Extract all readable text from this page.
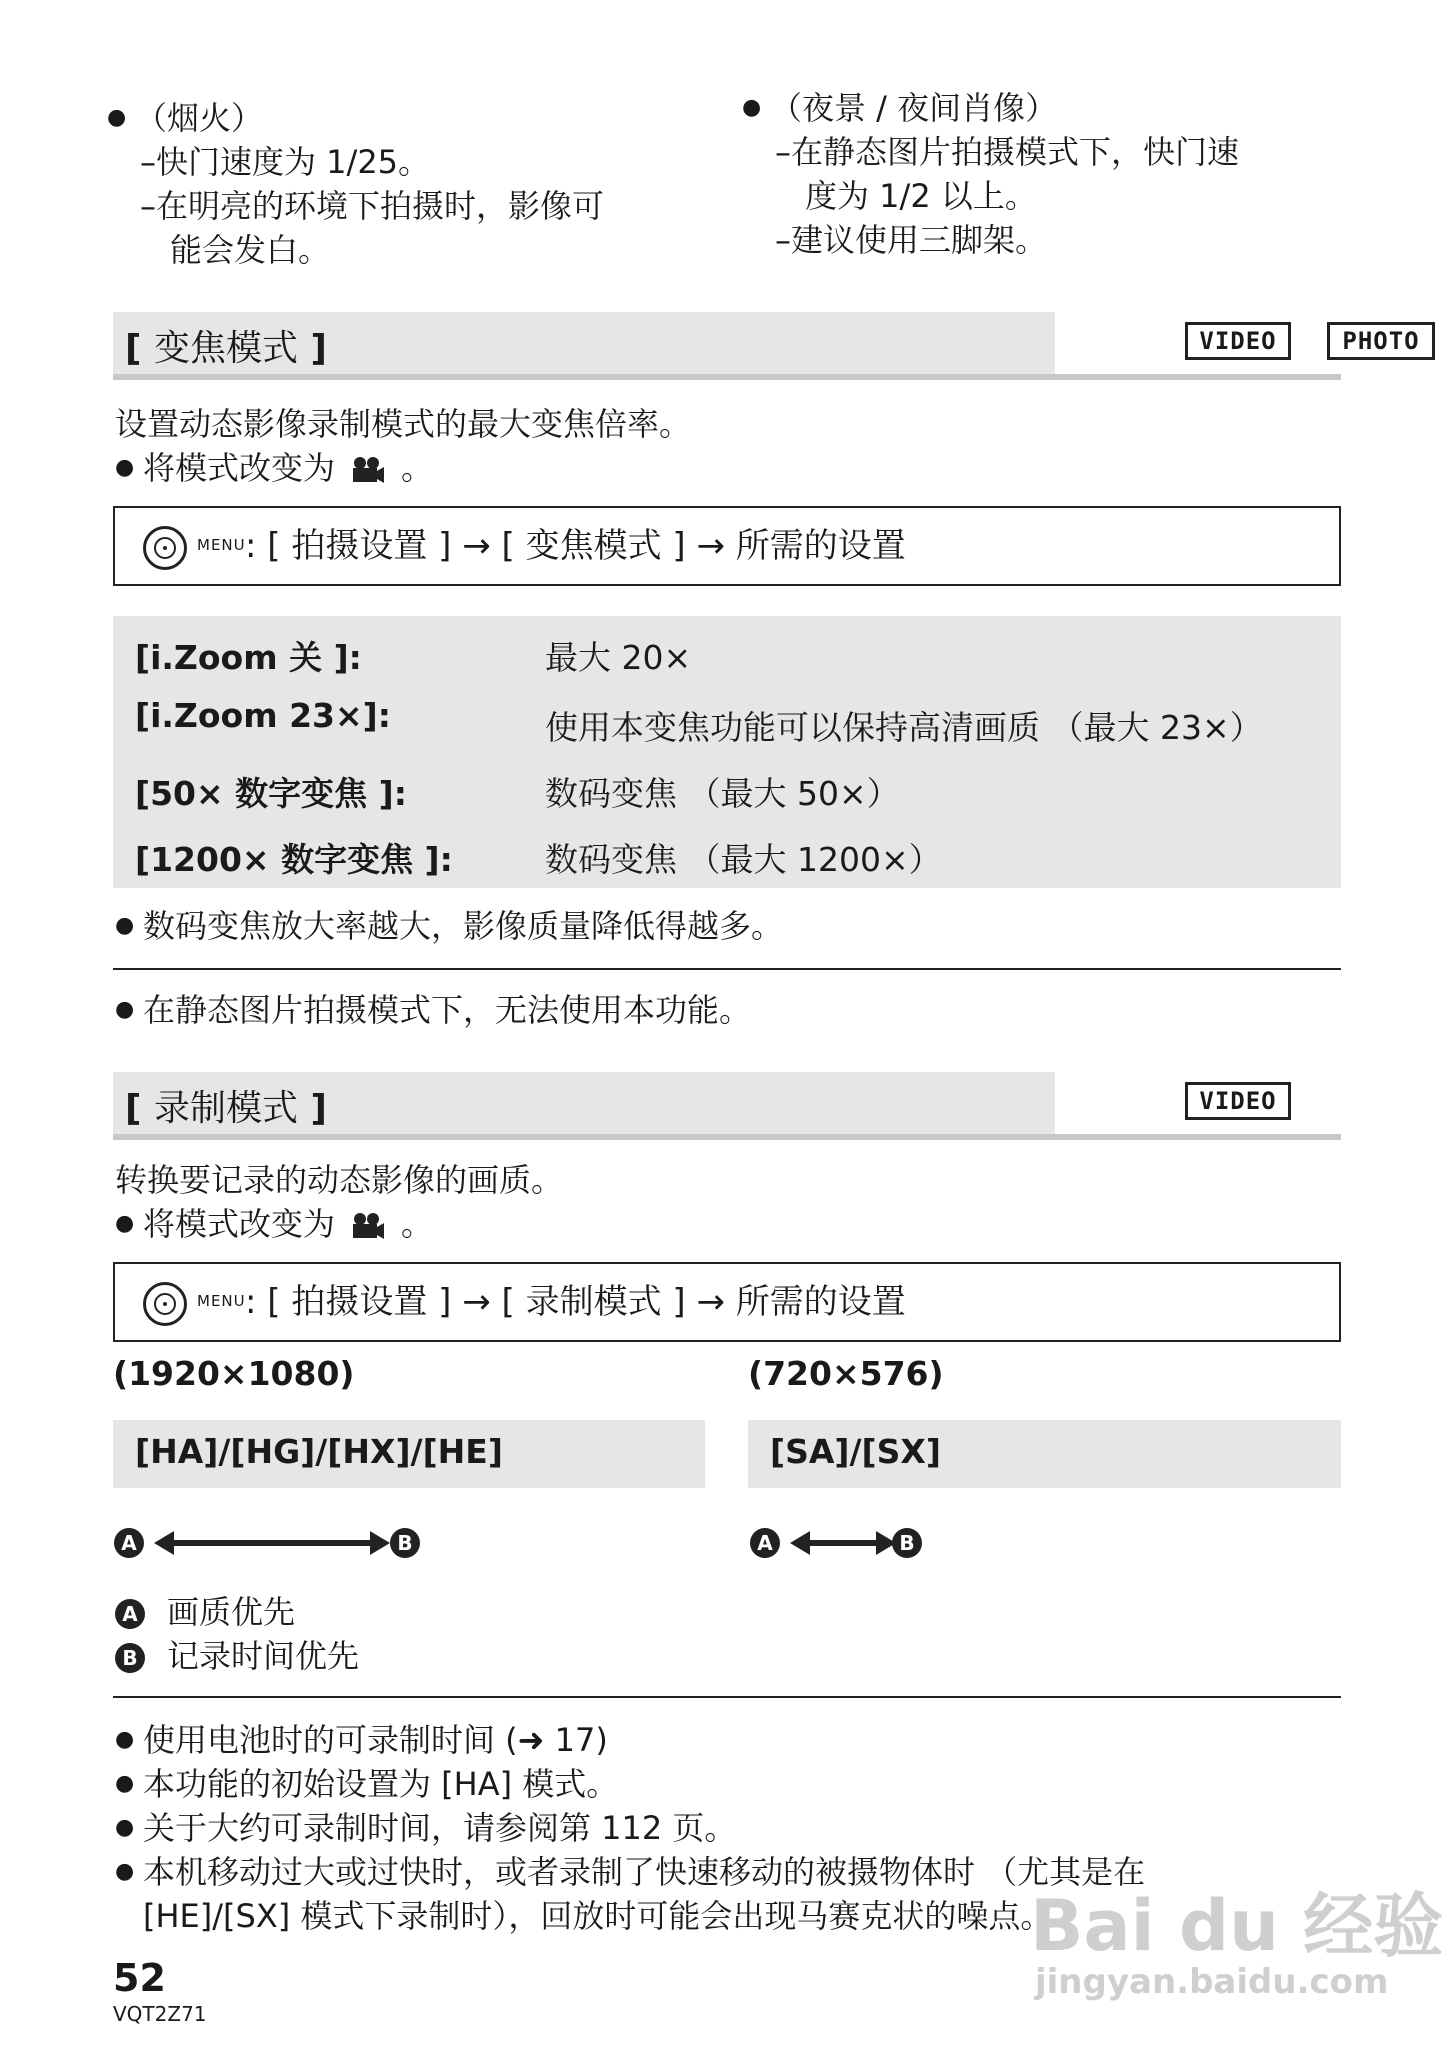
● （烟火）
–快门速度为 1/25。
–在明亮的环境下拍摄时，影像可
能会发白。
● （夜景 / 夜间肖像）
–在静态图片拍摄模式下，快门速
度为 1/2 以上。
–建议使用三脚架。
[ 变焦模式 ]	VIDEO	PHOTO
设置动态影像录制模式的最大变焦倍率。
● 将模式改变为 。
MENU : [ 拍摄设置 ] → [ 变焦模式 ] → 所需的设置
[i.Zoom 关 ]:	最大 20×
[i.Zoom 23×]:	使用本变焦功能可以保持高清画质 （最大 23×）
[50× 数字变焦 ]:	数码变焦 （最大 50×）
[1200× 数字变焦 ]:	数码变焦 （最大 1200×）
● 数码变焦放大率越大，影像质量降低得越多。
● 在静态图片拍摄模式下，无法使用本功能。
[ 录制模式 ]	VIDEO
转换要记录的动态影像的画质。
● 将模式改变为 。
MENU : [ 拍摄设置 ] → [ 录制模式 ] → 所需的设置
(1920×1080)	(720×576)
[HA]/[HG]/[HX]/[HE]	[SA]/[SX]
A	B	A	B
A 画质优先
B 记录时间优先
● 使用电池时的可录制时间 (➜ 17)
● 本功能的初始设置为 [HA] 模式。
● 关于大约可录制时间，请参阅第 112 页。
● 本机移动过大或过快时，或者录制了快速移动的被摄物体时 （尤其是在
[HE]/[SX] 模式下录制时），回放时可能会出现马赛克状的噪点。
52
VQT2Z71
Bai du 经验
jingyan.baidu.com
